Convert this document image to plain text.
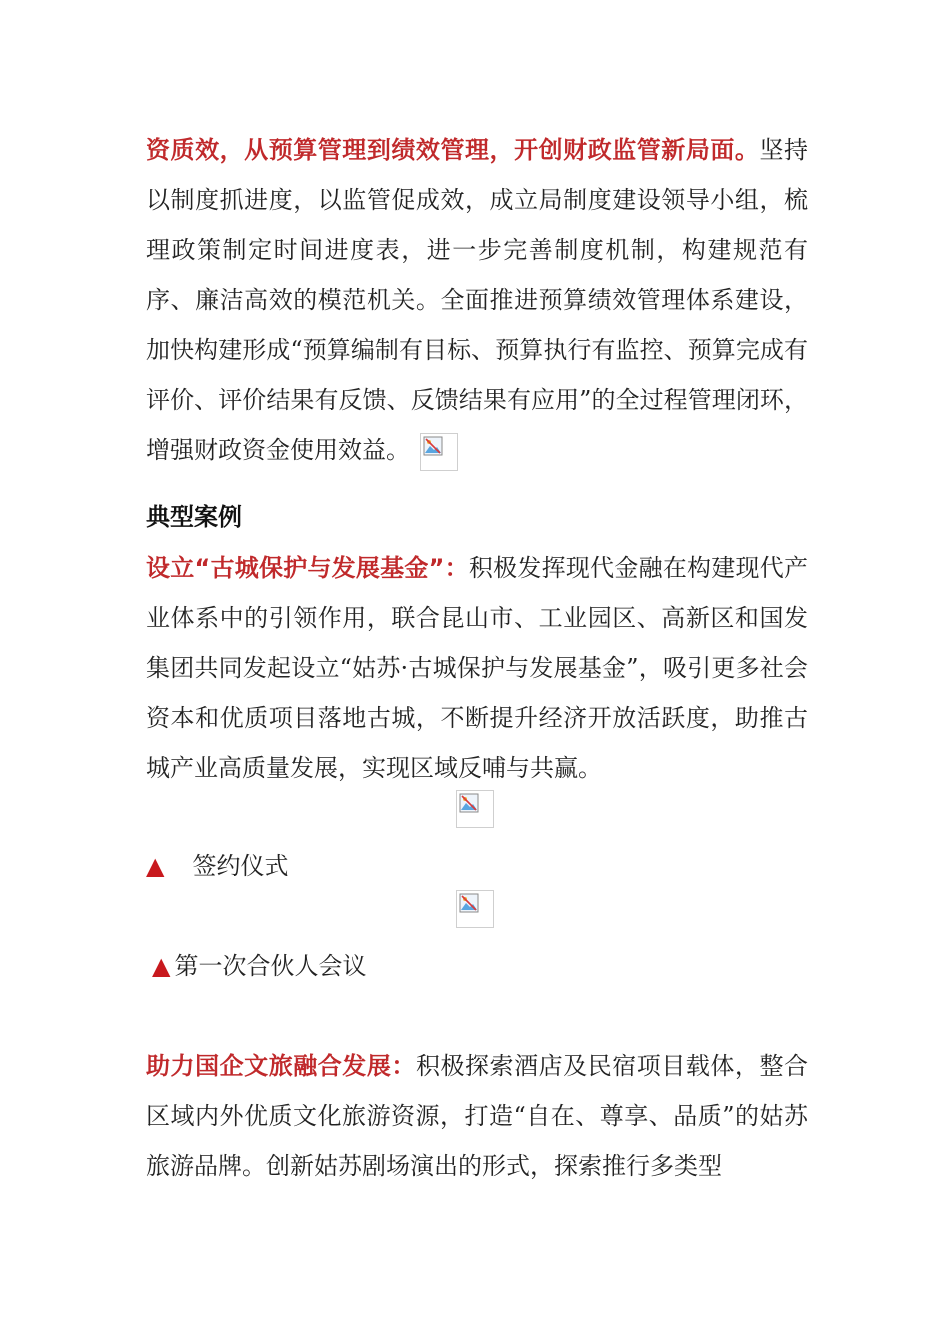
资质效，从预算管理到绩效管理，开创财政监管新局面。坚持以制度抓进度，以监管促成效，成立局制度建设领导小组，梳理政策制定时间进度表，进一步完善制度机制，构建规范有序、廉洁高效的模范机关。全面推进预算绩效管理体系建设，加快构建形成“预算编制有目标、预算执行有监控、预算完成有评价、评价结果有反馈、反馈结果有应用”的全过程管理闭环，增强财政资金使用效益。
典型案例
设立“古城保护与发展基金”：积极发挥现代金融在构建现代产业体系中的引领作用，联合昆山市、工业园区、高新区和国发集团共同发起设立“姑苏·古城保护与发展基金”，吸引更多社会资本和优质项目落地古城，不断提升经济开放活跃度，助推古城产业高质量发展，实现区域反哺与共赢。
▲ 签约仪式
▲ 第一次合伙人会议
助力国企文旅融合发展：积极探索酒店及民宿项目载体，整合区域内外优质文化旅游资源，打造“自在、尊享、品质”的姑苏旅游品牌。创新姑苏剧场演出的形式，探索推行多类型
